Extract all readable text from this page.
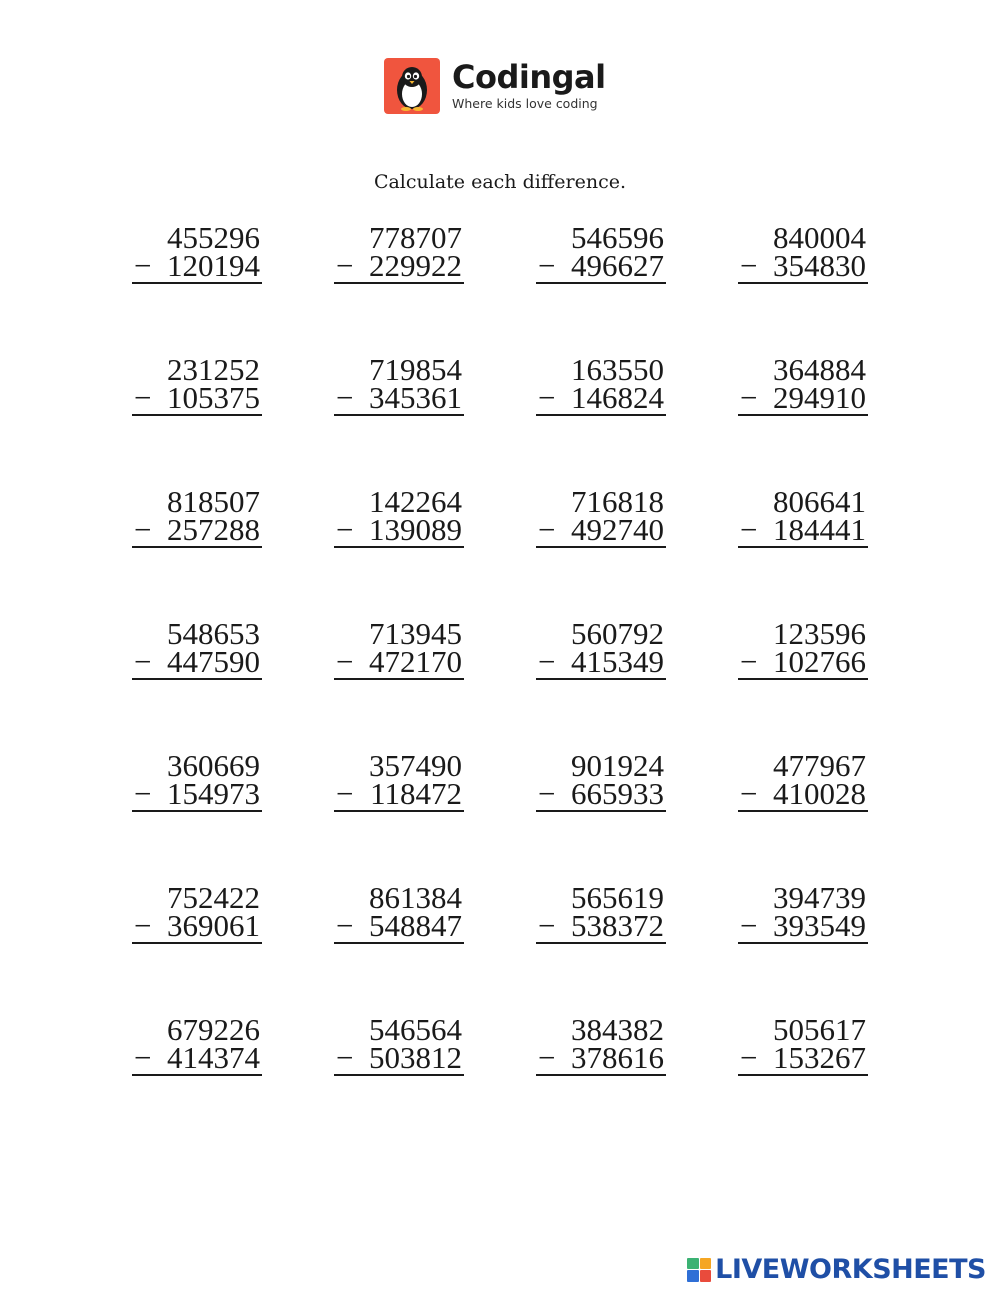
Codingal
Where kids love coding
Calculate each difference.
455296
− 120194
778707
− 229922
546596
− 496627
840004
− 354830
231252
− 105375
719854
− 345361
163550
− 146824
364884
− 294910
818507
− 257288
142264
− 139089
716818
− 492740
806641
− 184441
548653
− 447590
713945
− 472170
560792
− 415349
123596
− 102766
360669
− 154973
357490
− 118472
901924
− 665933
477967
− 410028
752422
− 369061
861384
− 548847
565619
− 538372
394739
− 393549
679226
− 414374
546564
− 503812
384382
− 378616
505617
− 153267
LIVEWORKSHEETS
